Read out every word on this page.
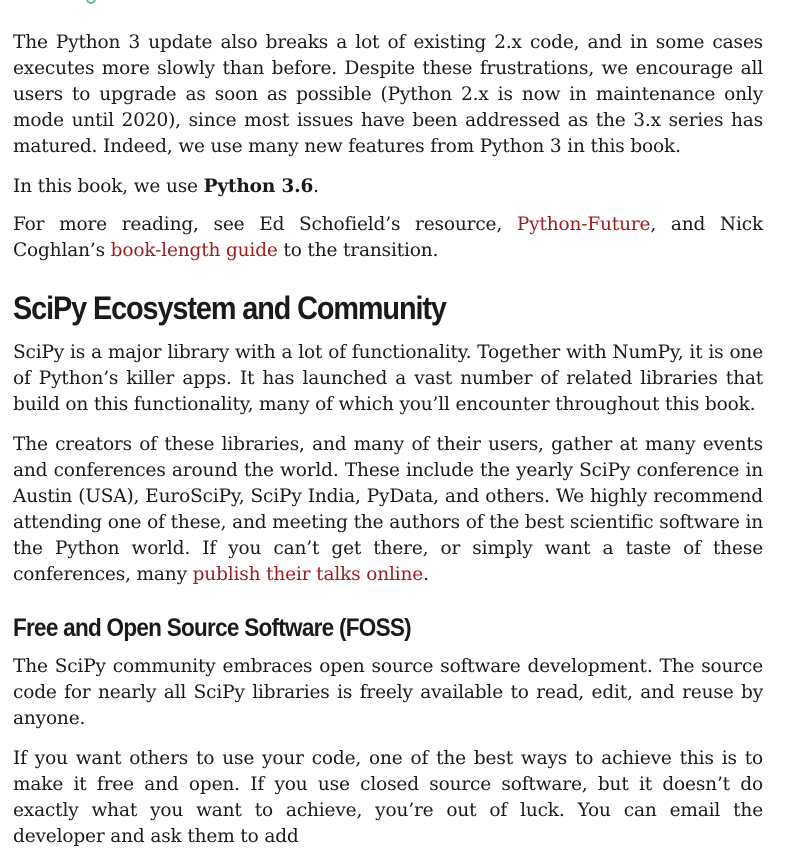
The Python 3 update also breaks a lot of existing 2.x code, and in some cases executes more slowly than before. Despite these frustrations, we encourage all users to upgrade as soon as possible (Python 2.x is now in maintenance only mode until 2020), since most issues have been addressed as the 3.x series has matured. Indeed, we use many new features from Python 3 in this book.

In this book, we use Python 3.6.

For more reading, see Ed Schofield’s resource, Python-Future, and Nick Coghlan’s book-length guide to the transition.

SciPy Ecosystem and Community

SciPy is a major library with a lot of functionality. Together with NumPy, it is one of Python’s killer apps. It has launched a vast number of related libraries that build on this functionality, many of which you’ll encounter throughout this book.

The creators of these libraries, and many of their users, gather at many events and conferences around the world. These include the yearly SciPy conference in Austin (USA), EuroSciPy, SciPy India, PyData, and others. We highly recommend attending one of these, and meeting the authors of the best scientific software in the Python world. If you can’t get there, or simply want a taste of these conferences, many publish their talks online.

Free and Open Source Software (FOSS)

The SciPy community embraces open source software development. The source code for nearly all SciPy libraries is freely available to read, edit, and reuse by anyone.

If you want others to use your code, one of the best ways to achieve this is to make it free and open. If you use closed source software, but it doesn’t do exactly what you want to achieve, you’re out of luck. You can email the developer and ask them to add
